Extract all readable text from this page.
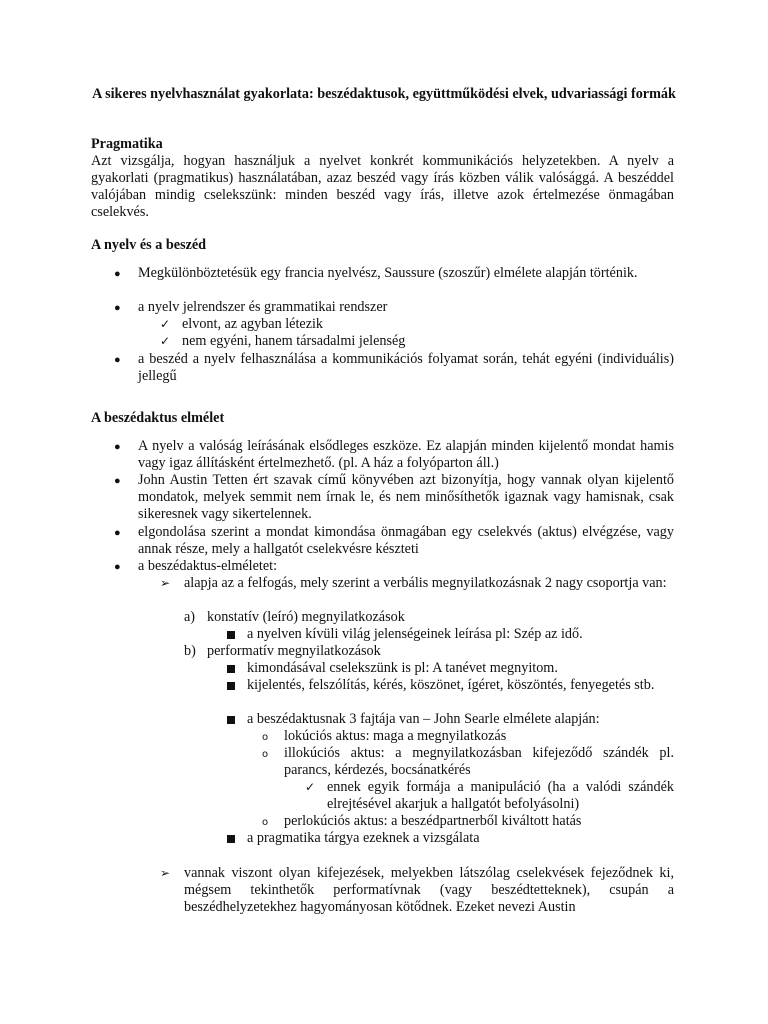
A sikeres nyelvhasználat gyakorlata: beszédaktusok, együttműködési elvek, udvariassági formák
Pragmatika
Azt vizsgálja, hogyan használjuk a nyelvet konkrét kommunikációs helyzetekben. A nyelv a gyakorlati (pragmatikus) használatában, azaz beszéd vagy írás közben válik valósággá. A beszéddel valójában mindig cselekszünk: minden beszéd vagy írás, illetve azok értelmezése önmagában cselekvés.
A nyelv és a beszéd
● Megkülönböztetésük egy francia nyelvész, Saussure (szoszűr) elmélete alapján történik.
● a nyelv jelrendszer és grammatikai rendszer
✓ elvont, az agyban létezik
✓ nem egyéni, hanem társadalmi jelenség
● a beszéd a nyelv felhasználása a kommunikációs folyamat során, tehát egyéni (individuális) jellegű
A beszédaktus elmélet
● A nyelv a valóság leírásának elsődleges eszköze. Ez alapján minden kijelentő mondat hamis vagy igaz állításként értelmezhető. (pl. A ház a folyóparton áll.)
● John Austin Tetten ért szavak című könyvében azt bizonyítja, hogy vannak olyan kijelentő mondatok, melyek semmit nem írnak le, és nem minősíthetők igaznak vagy hamisnak, csak sikeresnek vagy sikertelennek.
● elgondolása szerint a mondat kimondása önmagában egy cselekvés (aktus) elvégzése, vagy annak része, mely a hallgatót cselekvésre készteti
● a beszédaktus-elméletet:
➢ alapja az a felfogás, mely szerint a verbális megnyilatkozásnak 2 nagy csoportja van:
a) konstatív (leíró) megnyilatkozások
a nyelven kívüli világ jelenségeinek leírása pl: Szép az idő.
b) performatív megnyilatkozások
kimondásával cselekszünk is pl: A tanévet megnyitom.
kijelentés, felszólítás, kérés, köszönet, ígéret, köszöntés, fenyegetés stb.
a beszédaktusnak 3 fajtája van – John Searle elmélete alapján:
o lokúciós aktus: maga a megnyilatkozás
o illokúciós aktus: a megnyilatkozásban kifejeződő szándék pl. parancs, kérdezés, bocsánatkérés
✓ ennek egyik formája a manipuláció (ha a valódi szándék elrejtésével akarjuk a hallgatót befolyásolni)
o perlokúciós aktus: a beszédpartnerből kiváltott hatás
a pragmatika tárgya ezeknek a vizsgálata
➢ vannak viszont olyan kifejezések, melyekben látszólag cselekvések fejeződnek ki, mégsem tekinthetők performatívnak (vagy beszédtetteknek), csupán a beszédhelyzetekhez hagyományosan kötődnek. Ezeket nevezi Austin
